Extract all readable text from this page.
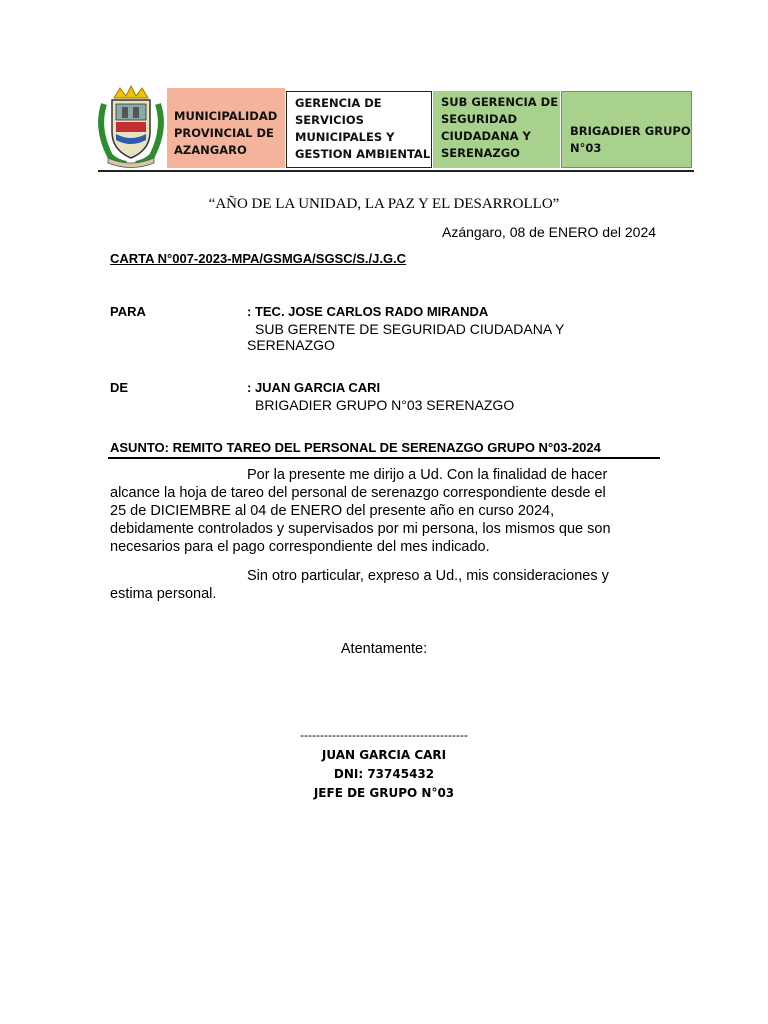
MUNICIPALIDAD
PROVINCIAL DE
AZANGARO
GERENCIA DE
SERVICIOS
MUNICIPALES Y
GESTION AMBIENTAL
SUB GERENCIA DE
SEGURIDAD
CIUDADANA Y
SERENAZGO
BRIGADIER GRUPO
N°03
“AÑO DE LA UNIDAD, LA PAZ Y EL DESARROLLO”
Azángaro, 08 de ENERO del 2024
CARTA N°007-2023-MPA/GSMGA/SGSC/S./J.G.C
PARA	: TEC. JOSE CARLOS RADO MIRANDA
SUB GERENTE DE SEGURIDAD CIUDADANA Y
SERENAZGO
DE	: JUAN GARCIA CARI
BRIGADIER GRUPO N°03 SERENAZGO
ASUNTO: REMITO TAREO DEL PERSONAL DE SERENAZGO GRUPO N°03-2024
Por la presente me dirijo a Ud. Con la finalidad de hacer
alcance la hoja de tareo del personal de serenazgo correspondiente desde el
25 de DICIEMBRE al 04 de ENERO del presente año en curso 2024,
debidamente controlados y supervisados por mi persona, los mismos que son
necesarios para el pago correspondiente del mes indicado.
Sin otro particular, expreso a Ud., mis consideraciones y
estima personal.
Atentamente:
------------------------------------------
JUAN GARCIA CARI
DNI: 73745432
JEFE DE GRUPO N°03
